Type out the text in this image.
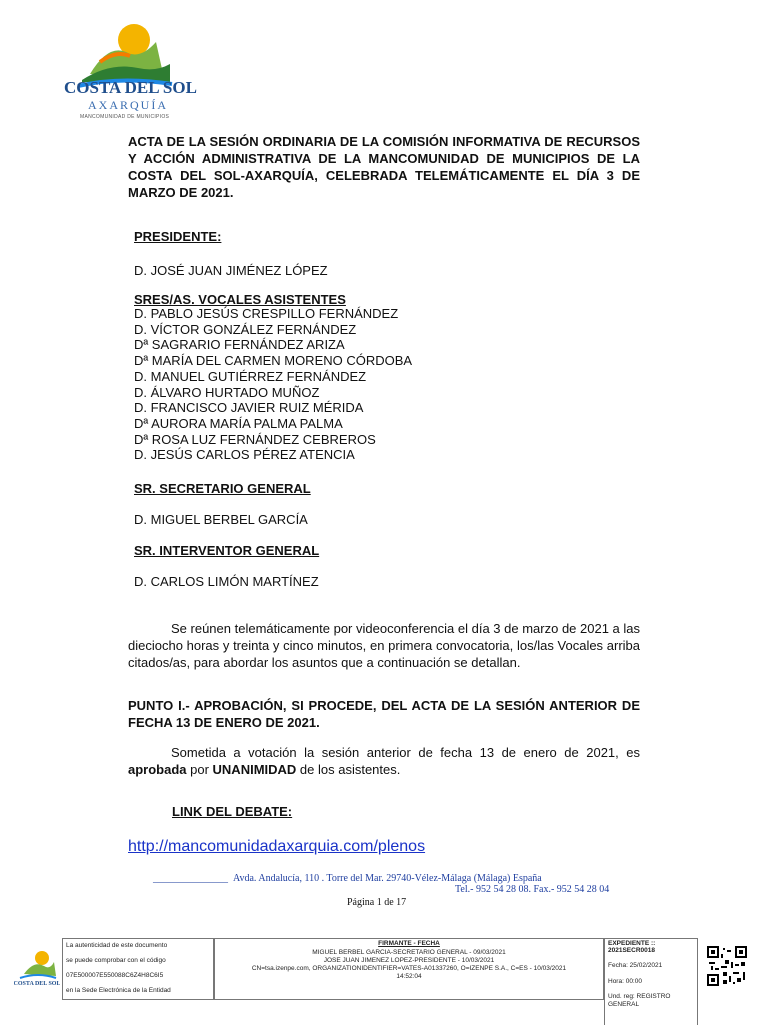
COSTA DEL SOL
AXARQUÍA
MANCOMUNIDAD DE MUNICIPIOS
ACTA DE LA SESIÓN ORDINARIA DE LA COMISIÓN INFORMATIVA DE RECURSOS Y ACCIÓN ADMINISTRATIVA DE LA MANCOMUNIDAD DE MUNICIPIOS DE LA COSTA DEL SOL-AXARQUÍA, CELEBRADA TELEMÁTICAMENTE EL DÍA 3 DE MARZO DE 2021.
PRESIDENTE:
D. JOSÉ JUAN JIMÉNEZ LÓPEZ
SRES/AS. VOCALES ASISTENTES
D. PABLO JESÚS CRESPILLO FERNÁNDEZ
D. VÍCTOR GONZÁLEZ FERNÁNDEZ
Dª SAGRARIO FERNÁNDEZ ARIZA
Dª MARÍA DEL CARMEN MORENO CÓRDOBA
D. MANUEL GUTIÉRREZ FERNÁNDEZ
D. ÁLVARO HURTADO MUÑOZ
D. FRANCISCO JAVIER RUIZ MÉRIDA
Dª AURORA MARÍA PALMA PALMA
Dª ROSA LUZ FERNÁNDEZ CEBREROS
D. JESÚS CARLOS PÉREZ ATENCIA
SR. SECRETARIO GENERAL
D. MIGUEL BERBEL GARCÍA
SR. INTERVENTOR GENERAL
D. CARLOS LIMÓN MARTÍNEZ
Se reúnen telemáticamente por videoconferencia el día 3 de marzo de 2021 a las dieciocho horas y treinta y cinco minutos, en primera convocatoria, los/las Vocales arriba citados/as, para abordar los asuntos que a continuación se detallan.
PUNTO I.- APROBACIÓN, SI PROCEDE, DEL ACTA DE LA SESIÓN ANTERIOR DE FECHA 13 DE ENERO DE 2021.
Sometida a votación la sesión anterior de fecha 13 de enero de 2021, es aprobada por UNANIMIDAD de los asistentes.
LINK DEL DEBATE:
http://mancomunidadaxarquia.com/plenos
_______________ Avda. Andalucía, 110 . Torre del Mar. 29740-Vélez-Málaga (Málaga) España
Tel.- 952 54 28 08. Fax.- 952 54 28 04
Página 1 de 17
COSTA DEL SOL
La autenticidad de este documento
se puede comprobar con el código
07E500007E550088C6Z4H8C6I5
en la Sede Electrónica de la Entidad
FIRMANTE - FECHA
MIGUEL BERBEL GARCIA-SECRETARIO GENERAL - 09/03/2021
JOSE JUAN JIMENEZ LOPEZ-PRESIDENTE - 10/03/2021
CN=tsa.izenpe.com, ORGANIZATIONIDENTIFIER=VATES-A01337260, O=IZENPE S.A., C=ES - 10/03/2021
14:52:04
EXPEDIENTE ::
2021SECR0018
Fecha: 25/02/2021
Hora: 00:00
Und. reg: REGISTRO GENERAL
